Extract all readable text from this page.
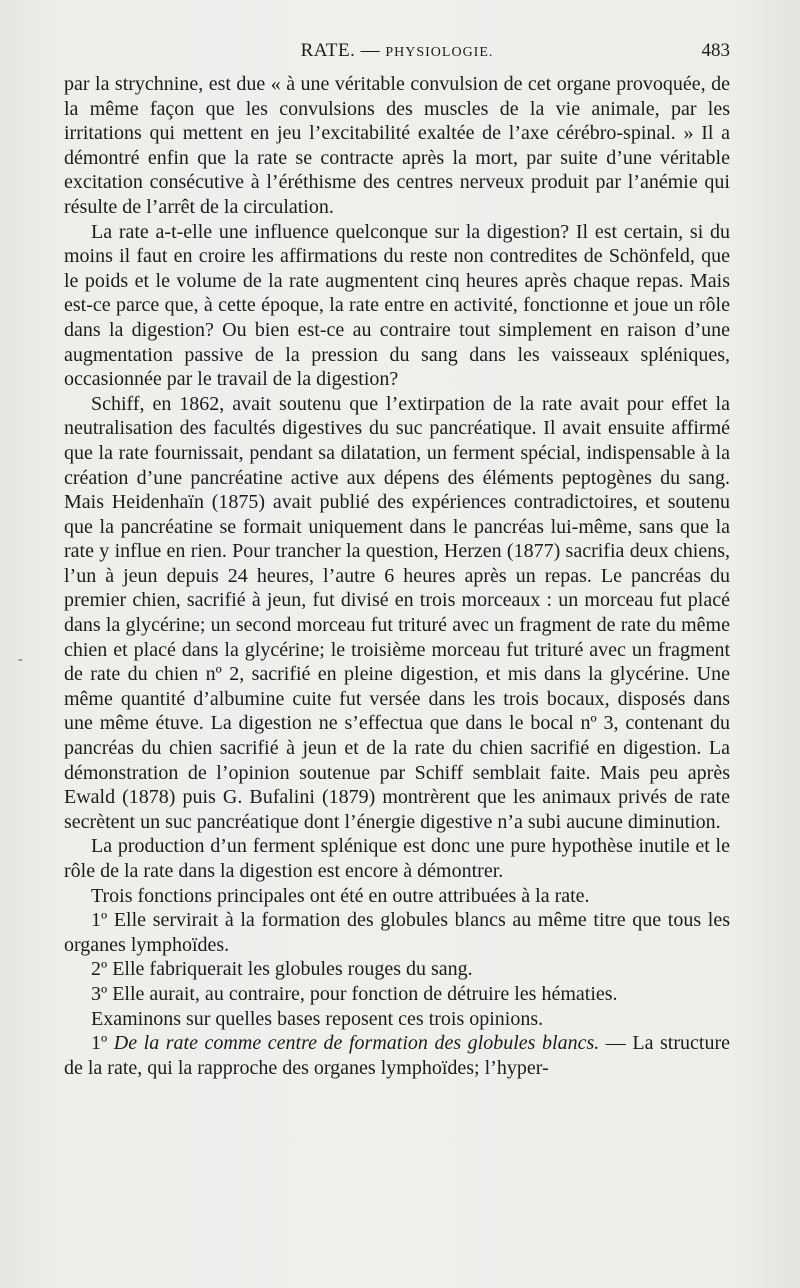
RATE. — PHYSIOLOGIE.	483
-

par la strychnine, est due « à une véritable convulsion de cet organe provoquée, de la même façon que les convulsions des muscles de la vie animale, par les irritations qui mettent en jeu l’excitabilité exaltée de l’axe cérébro-spinal. » Il a démontré enfin que la rate se contracte après la mort, par suite d’une véritable excitation consécutive à l’éréthisme des centres nerveux produit par l’anémie qui résulte de l’arrêt de la circulation.

La rate a-t-elle une influence quelconque sur la digestion? Il est certain, si du moins il faut en croire les affirmations du reste non contredites de Schönfeld, que le poids et le volume de la rate augmentent cinq heures après chaque repas. Mais est-ce parce que, à cette époque, la rate entre en activité, fonctionne et joue un rôle dans la digestion? Ou bien est-ce au contraire tout simplement en raison d’une augmentation passive de la pression du sang dans les vaisseaux spléniques, occasionnée par le travail de la digestion?

Schiff, en 1862, avait soutenu que l’extirpation de la rate avait pour effet la neutralisation des facultés digestives du suc pancréatique. Il avait ensuite affirmé que la rate fournissait, pendant sa dilatation, un ferment spécial, indispensable à la création d’une pancréatine active aux dépens des éléments peptogènes du sang. Mais Heidenhaïn (1875) avait publié des expériences contradictoires, et soutenu que la pancréatine se formait uniquement dans le pancréas lui-même, sans que la rate y influe en rien. Pour trancher la question, Herzen (1877) sacrifia deux chiens, l’un à jeun depuis 24 heures, l’autre 6 heures après un repas. Le pancréas du premier chien, sacrifié à jeun, fut divisé en trois morceaux : un morceau fut placé dans la glycérine; un second morceau fut trituré avec un fragment de rate du même chien et placé dans la glycérine; le troisième morceau fut trituré avec un fragment de rate du chien nº 2, sacrifié en pleine digestion, et mis dans la glycérine. Une même quantité d’albumine cuite fut versée dans les trois bocaux, disposés dans une même étuve. La digestion ne s’effectua que dans le bocal nº 3, contenant du pancréas du chien sacrifié à jeun et de la rate du chien sacrifié en digestion. La démonstration de l’opinion soutenue par Schiff semblait faite. Mais peu après Ewald (1878) puis G. Bufalini (1879) montrèrent que les animaux privés de rate secrètent un suc pancréatique dont l’énergie digestive n’a subi aucune diminution.

La production d’un ferment splénique est donc une pure hypothèse inutile et le rôle de la rate dans la digestion est encore à démontrer.

Trois fonctions principales ont été en outre attribuées à la rate.

1º Elle servirait à la formation des globules blancs au même titre que tous les organes lymphoïdes.

2º Elle fabriquerait les globules rouges du sang.

3º Elle aurait, au contraire, pour fonction de détruire les hématies.

Examinons sur quelles bases reposent ces trois opinions.

1º De la rate comme centre de formation des globules blancs. — La structure de la rate, qui la rapproche des organes lymphoïdes; l’hyper-
